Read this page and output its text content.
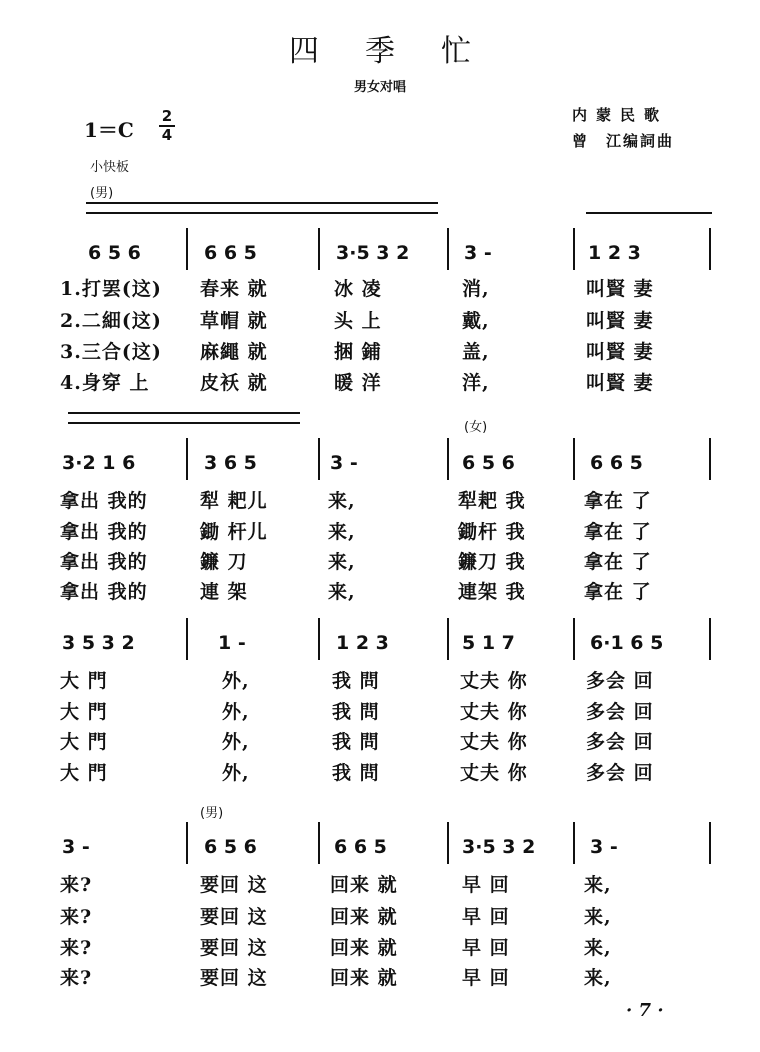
四季忙
男女对唱
1＝C
2
4
内蒙民歌
曾　江编詞曲
小快板
(男)
6 5 6	6 6 5	3·5 3 2	3 -	1 2 3
1.打罢(这) 春来 就	冰 凌	消,	叫賢 妻
2.二細(这) 草帽 就	头 上	戴,	叫賢 妻
3.三合(这) 麻繩 就	捆 鋪	盖,	叫賢 妻
4.身穿 上	皮袄 就	暖 洋	洋,	叫賢 妻
(女)
3·2 1 6	3 6 5	3 -	6 5 6	6 6 5
拿出 我的	犁 耙儿	来,	犁耙 我	拿在 了
拿出 我的	鋤 杆儿	来,	鋤杆 我	拿在 了
拿出 我的	鐮 刀	来,	鐮刀 我	拿在 了
拿出 我的	連 架	来,	連架 我	拿在 了
3 5 3 2	1 -	1 2 3	5 1 7	6·1 6 5
大 門	外,	我 問	丈夫 你	多会 回
大 門	外,	我 問	丈夫 你	多会 回
大 門	外,	我 問	丈夫 你	多会 回
大 門	外,	我 問	丈夫 你	多会 回
(男)
3 -	6 5 6	6 6 5	3·5 3 2	3 -
来?	要回 这	回来 就	早 回	来,
来?	要回 这	回来 就	早 回	来,
来?	要回 这	回来 就	早 回	来,
来?	要回 这	回来 就	早 回	来,
· 7 ·
